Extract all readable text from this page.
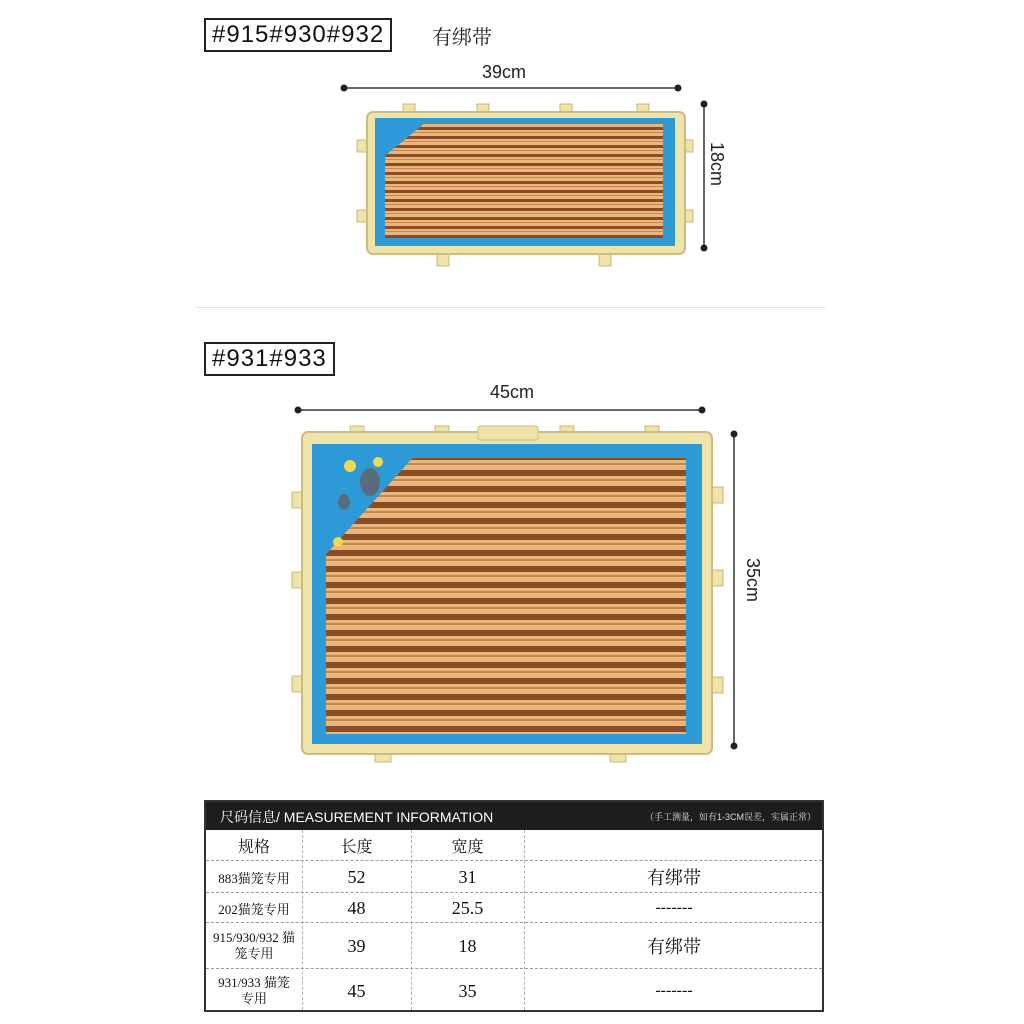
#915#930#932	有绑带
39cm
18cm
#931#933
45cm
35cm
尺码信息/ MEASUREMENT INFORMATION	（手工测量，如有1-3CM误差，实属正常）
规格	长度	宽度
883猫笼专用	52	31	有绑带
202猫笼专用	48	25.5	-------
915/930/932 猫笼专用	39	18	有绑带
931/933 猫笼专用	45	35	-------
